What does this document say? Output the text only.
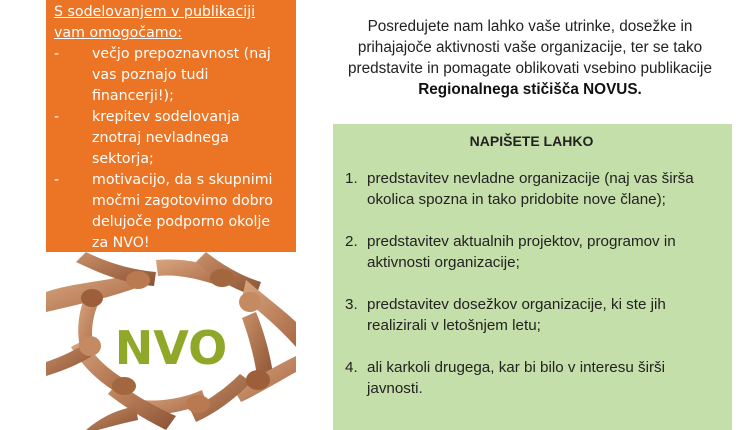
S sodelovanjem v publikaciji vam omogočamo:
- večjo prepoznavnost (naj vas poznajo tudi financerji!);
- krepitev sodelovanja znotraj nevladnega sektorja;
- motivacijo, da s skupnimi močmi zagotovimo dobro delujoče podporno okolje za NVO!
NVO
Posredujete nam lahko vaše utrinke, dosežke in prihajajoče aktivnosti vaše organizacije, ter se tako predstavite in pomagate oblikovati vsebino publikacije Regionalnega stičišča NOVUS.
NAPIŠETE LAHKO
1. predstavitev nevladne organizacije (naj vas širša okolica spozna in tako pridobite nove člane);
2. predstavitev aktualnih projektov, programov in aktivnosti organizacije;
3. predstavitev dosežkov organizacije, ki ste jih realizirali v letošnjem letu;
4. ali karkoli drugega, kar bi bilo v interesu širši javnosti.
